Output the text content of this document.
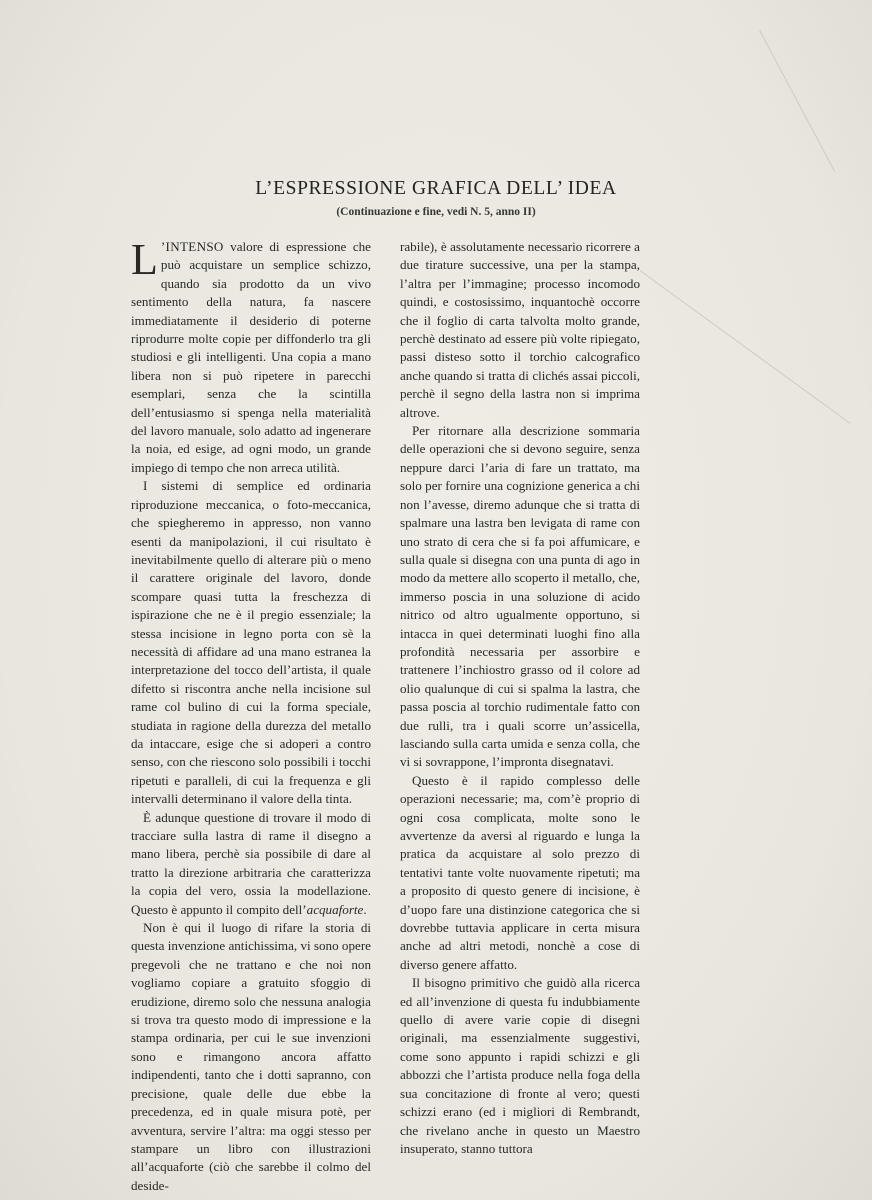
L’ESPRESSIONE GRAFICA DELL’ IDEA
(Continuazione e fine, vedi N. 5, anno II)

L ’INTENSO valore di espressione che può acquistare un semplice schizzo, quando sia prodotto da un vivo sentimento della natura, fa nascere immediatamente il desiderio di poterne riprodurre molte copie per diffonderlo tra gli studiosi e gli intelligenti. Una copia a mano libera non si può ripetere in parecchi esemplari, senza che la scintilla dell’entusiasmo si spenga nella materialità del lavoro manuale, solo adatto ad ingenerare la noia, ed esige, ad ogni modo, un grande impiego di tempo che non arreca utilità.

I sistemi di semplice ed ordinaria riproduzione meccanica, o foto-meccanica, che spiegheremo in appresso, non vanno esenti da manipolazioni, il cui risultato è inevitabilmente quello di alterare più o meno il carattere originale del lavoro, donde scompare quasi tutta la freschezza di ispirazione che ne è il pregio essenziale; la stessa incisione in legno porta con sè la necessità di affidare ad una mano estranea la interpretazione del tocco dell’artista, il quale difetto si riscontra anche nella incisione sul rame col bulino di cui la forma speciale, studiata in ragione della durezza del metallo da intaccare, esige che si adoperi a contro senso, con che riescono solo possibili i tocchi ripetuti e paralleli, di cui la frequenza e gli intervalli determinano il valore della tinta.

È adunque questione di trovare il modo di tracciare sulla lastra di rame il disegno a mano libera, perchè sia possibile di dare al tratto la direzione arbitraria che caratterizza la copia del vero, ossia la modellazione. Questo è appunto il compito dell’acquaforte.

Non è qui il luogo di rifare la storia di questa invenzione antichissima, vi sono opere pregevoli che ne trattano e che noi non vogliamo copiare a gratuito sfoggio di erudizione, diremo solo che nessuna analogia si trova tra questo modo di impressione e la stampa ordinaria, per cui le sue invenzioni sono e rimangono ancora affatto indipendenti, tanto che i dotti sapranno, con precisione, quale delle due ebbe la precedenza, ed in quale misura potè, per avventura, servire l’altra: ma oggi stesso per stampare un libro con illustrazioni all’acquaforte (ciò che sarebbe il colmo del deside-

rabile), è assolutamente necessario ricorrere a due tirature successive, una per la stampa, l’altra per l’immagine; processo incomodo quindi, e costosissimo, inquantochè occorre che il foglio di carta talvolta molto grande, perchè destinato ad essere più volte ripiegato, passi disteso sotto il torchio calcografico anche quando si tratta di clichés assai piccoli, perchè il segno della lastra non si imprima altrove.

Per ritornare alla descrizione sommaria delle operazioni che si devono seguire, senza neppure darci l’aria di fare un trattato, ma solo per fornire una cognizione generica a chi non l’avesse, diremo adunque che si tratta di spalmare una lastra ben levigata di rame con uno strato di cera che si fa poi affumicare, e sulla quale si disegna con una punta di ago in modo da mettere allo scoperto il metallo, che, immerso poscia in una soluzione di acido nitrico od altro ugualmente opportuno, si intacca in quei determinati luoghi fino alla profondità necessaria per assorbire e trattenere l’inchiostro grasso od il colore ad olio qualunque di cui si spalma la lastra, che passa poscia al torchio rudimentale fatto con due rulli, tra i quali scorre un’assicella, lasciando sulla carta umida e senza colla, che vi si sovrappone, l’impronta disegnatavi.

Questo è il rapido complesso delle operazioni necessarie; ma, com’è proprio di ogni cosa complicata, molte sono le avvertenze da aversi al riguardo e lunga la pratica da acquistare al solo prezzo di tentativi tante volte nuovamente ripetuti; ma a proposito di questo genere di incisione, è d’uopo fare una distinzione categorica che si dovrebbe tuttavia applicare in certa misura anche ad altri metodi, nonchè a cose di diverso genere affatto.

Il bisogno primitivo che guidò alla ricerca ed all’invenzione di questa fu indubbiamente quello di avere varie copie di disegni originali, ma essenzialmente suggestivi, come sono appunto i rapidi schizzi e gli abbozzi che l’artista produce nella foga della sua concitazione di fronte al vero; questi schizzi erano (ed i migliori di Rembrandt, che rivelano anche in questo un Maestro insuperato, stanno tuttora
